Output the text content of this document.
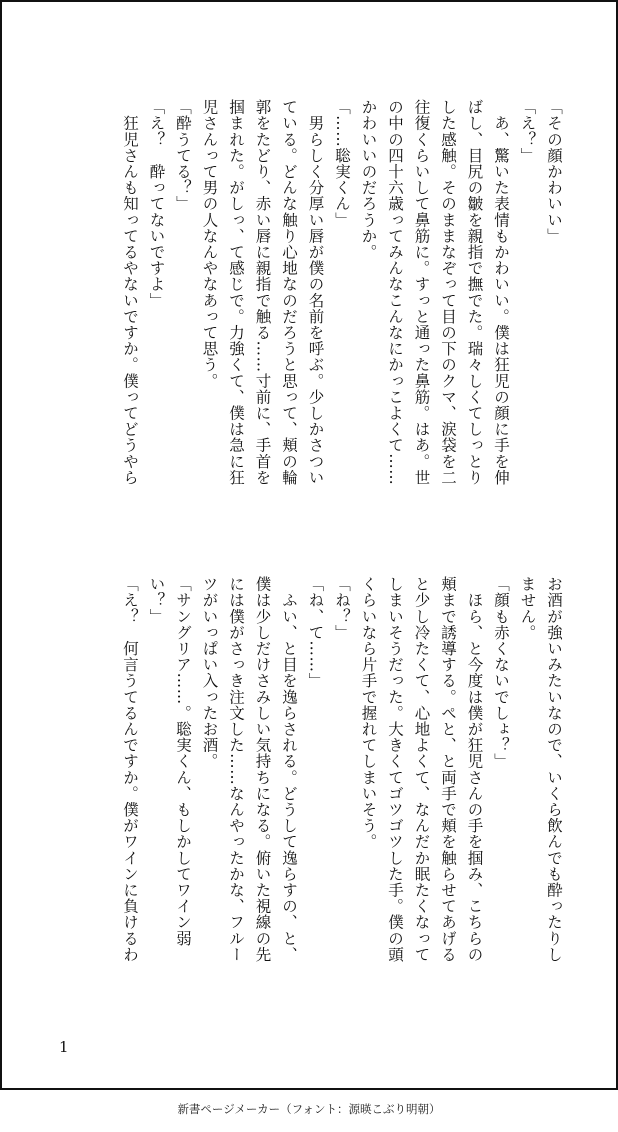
「その顔かわいい」
「え？」
　あ、驚いた表情もかわいい。僕は狂児の顔に手を伸
ばし、目尻の皺を親指で撫でた。瑞々しくてしっとり
した感触。そのままなぞって目の下のクマ、涙袋を二
往復くらいして鼻筋に。すっと通った鼻筋。はあ。世
の中の四十六歳ってみんなこんなにかっこよくて……
かわいいのだろうか。
「……聡実くん」
　男らしく分厚い唇が僕の名前を呼ぶ。少しかさつい
ている。どんな触り心地なのだろうと思って、頬の輪
郭をたどり、赤い唇に親指で触る……寸前に、手首を
掴まれた。がしっ、て感じで。力強くて、僕は急に狂
児さんって男の人なんやなあって思う。
「酔うてる？」
「え？　酔ってないですよ」
　狂児さんも知ってるやないですか。僕ってどうやら
お酒が強いみたいなので、いくら飲んでも酔ったりし
ません。
「顔も赤くないでしょ？」
　ほら、と今度は僕が狂児さんの手を掴み、こちらの
頬まで誘導する。ぺと、と両手で頬を触らせてあげる
と少し冷たくて、心地よくて、なんだか眠たくなって
しまいそうだった。大きくてゴツゴツした手。僕の頭
くらいなら片手で握れてしまいそう。
「ね？」
「ね、て……」
　ふい、と目を逸らされる。どうして逸らすの、と、
僕は少しだけさみしい気持ちになる。俯いた視線の先
には僕がさっき注文した……なんやったかな、フルー
ツがいっぱい入ったお酒。
「サングリア……。聡実くん、もしかしてワイン弱
い？」
「え？　何言うてるんですか。僕がワインに負けるわ
1
新書ページメーカー（フォント：源暎こぶり明朝）
